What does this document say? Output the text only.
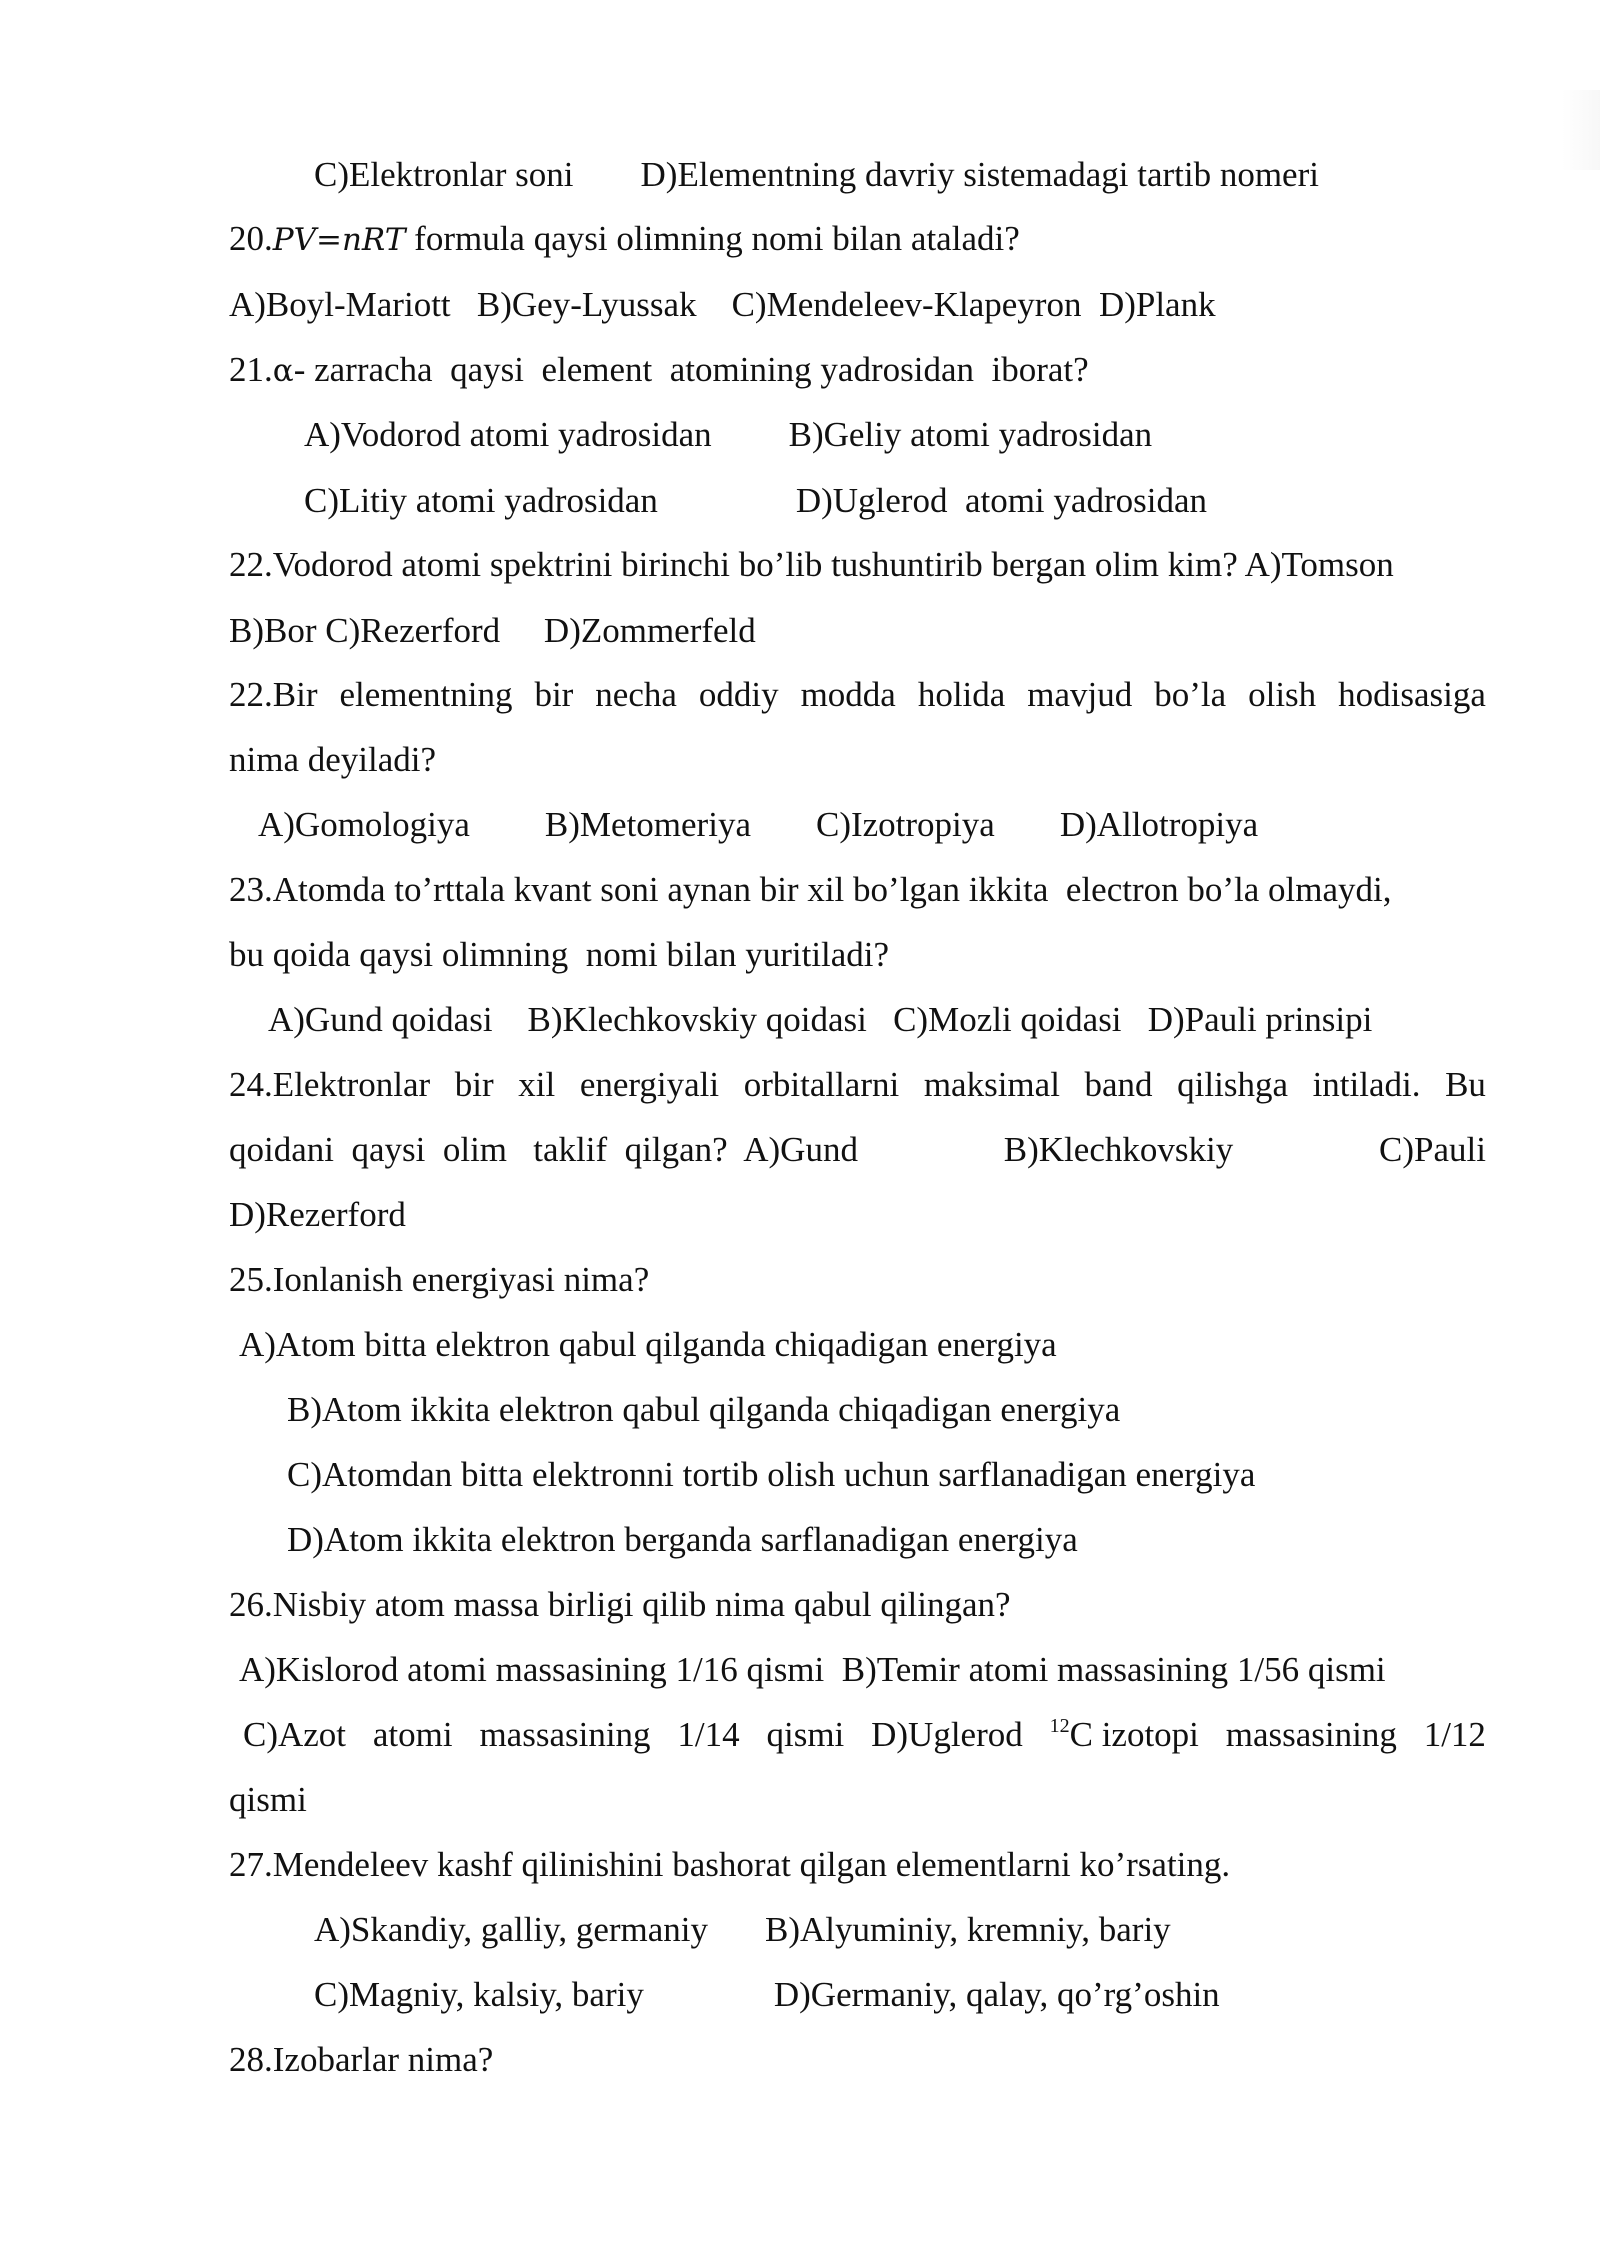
C)Elektronlar soni D)Elementning davriy sistemadagi tartib nomeri
20.PV=nRT formula qaysi olimning nomi bilan ataladi?
A)Boyl-Mariott   B)Gey-Lyussak    C)Mendeleev-Klapeyron  D)Plank
21.α- zarracha  qaysi  element  atomining yadrosidan  iborat?
A)Vodorod atomi yadrosidan B)Geliy atomi yadrosidan
C)Litiy atomi yadrosidan	D)Uglerod  atomi yadrosidan
22.Vodorod atomi spektrini birinchi bo’lib tushuntirib bergan olim kim? A)Tomson
B)Bor C)Rezerford     D)Zommerfeld
22.Bir elementning bir necha oddiy modda holida mavjud bo’la olish hodisasiga
nima deyiladi?
A)Gomologiya B)Metomeriya C)Izotropiya D)Allotropiya
23.Atomda to’rttala kvant soni aynan bir xil bo’lgan ikkita  electron bo’la olmaydi,
bu qoida qaysi olimning  nomi bilan yuritiladi?
A)Gund qoidasi    B)Klechkovskiy qoidasi   C)Mozli qoidasi   D)Pauli prinsipi
24.Elektronlar bir xil energiyali orbitallarni maksimal band qilishga intiladi. Bu
qoidani  qaysi  olim   taklif  qilgan?  A)Gund	B)Klechkovskiy	C)Pauli
D)Rezerford
25.Ionlanish energiyasi nima?
A)Atom bitta elektron qabul qilganda chiqadigan energiya
B)Atom ikkita elektron qabul qilganda chiqadigan energiya
C)Atomdan bitta elektronni tortib olish uchun sarflanadigan energiya
D)Atom ikkita elektron berganda sarflanadigan energiya
26.Nisbiy atom massa birligi qilib nima qabul qilingan?
A)Kislorod atomi massasining 1/16 qismi  B)Temir atomi massasining 1/56 qismi
C)Azot atomi massasining 1/14 qismi D)Uglerod $^{12}$C izotopi massasining 1/12
qismi
27.Mendeleev kashf qilinishini bashorat qilgan elementlarni ko’rsating.
A)Skandiy, galliy, germaniy B)Alyuminiy, kremniy, bariy
C)Magniy, kalsiy, bariy	D)Germaniy, qalay, qo’rg’oshin
28.Izobarlar nima?
